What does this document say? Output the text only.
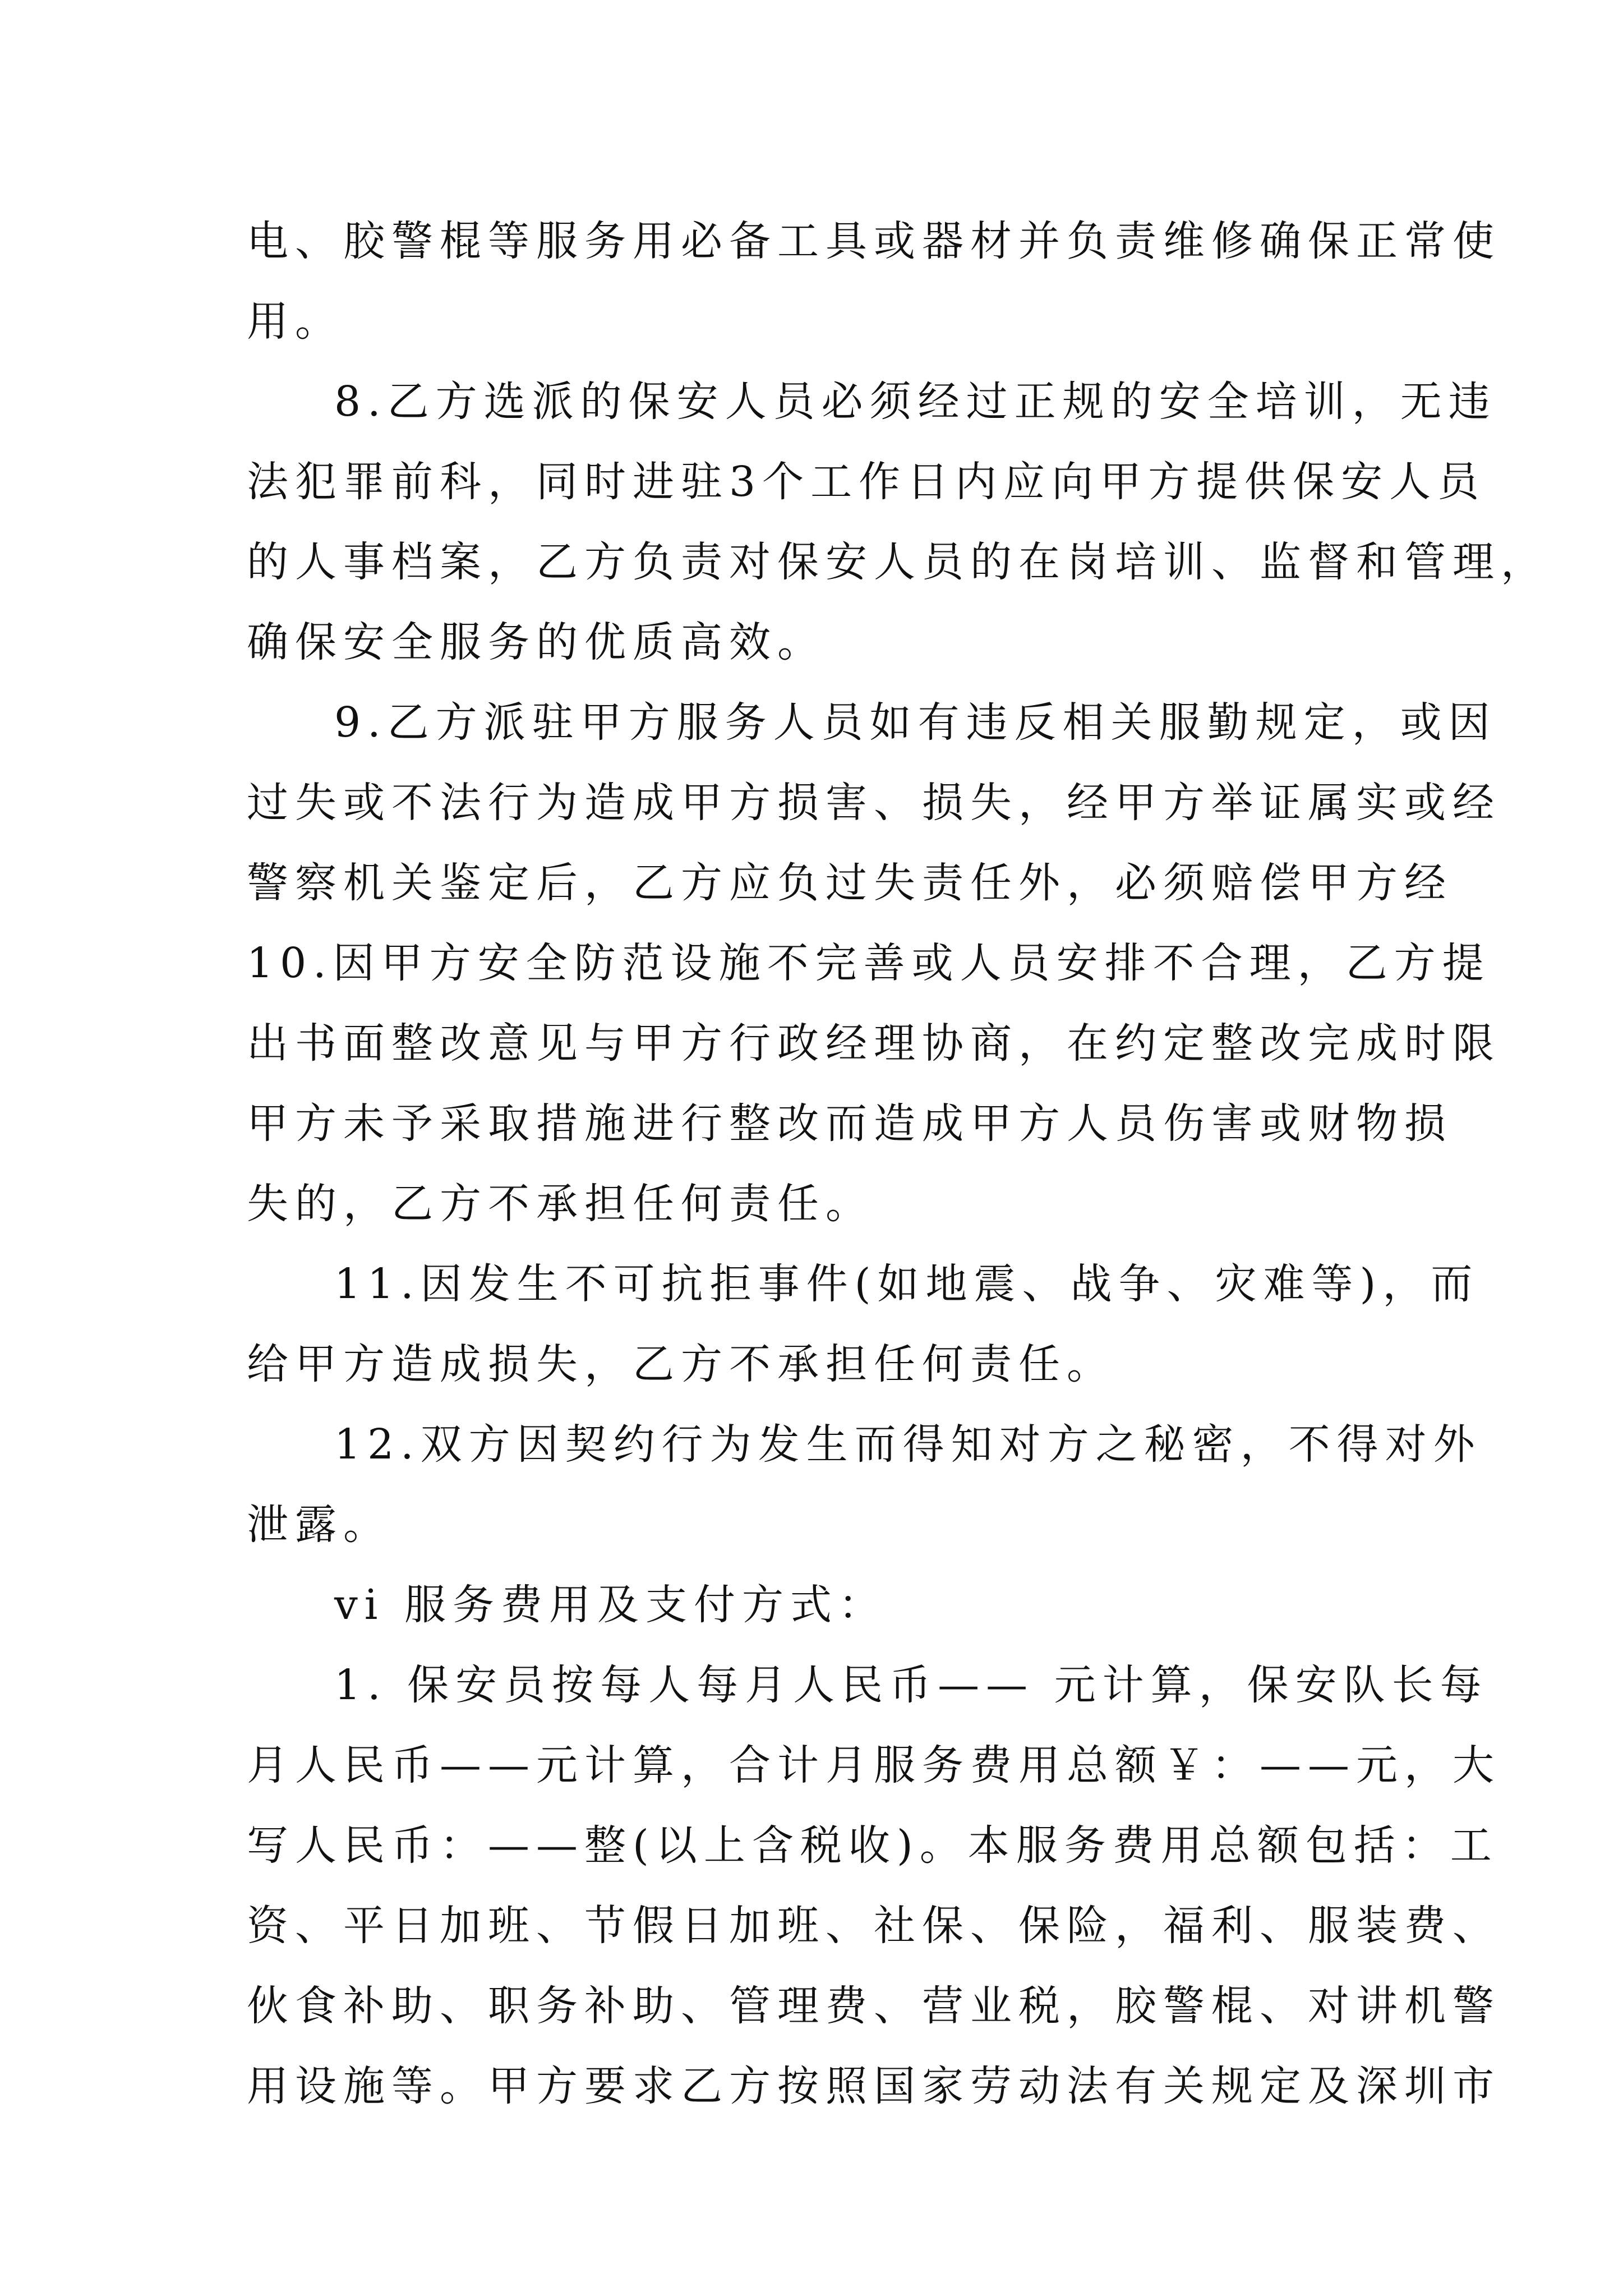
电、胶警棍等服务用必备工具或器材并负责维修确保正常使
用。
8.乙方选派的保安人员必须经过正规的安全培训，无违
法犯罪前科，同时进驻3个工作日内应向甲方提供保安人员
的人事档案，乙方负责对保安人员的在岗培训、监督和管理，
确保安全服务的优质高效。
9.乙方派驻甲方服务人员如有违反相关服勤规定，或因
过失或不法行为造成甲方损害、损失，经甲方举证属实或经
警察机关鉴定后，乙方应负过失责任外，必须赔偿甲方经
10.因甲方安全防范设施不完善或人员安排不合理，乙方提
出书面整改意见与甲方行政经理协商，在约定整改完成时限
甲方未予采取措施进行整改而造成甲方人员伤害或财物损
失的，乙方不承担任何责任。
11.因发生不可抗拒事件(如地震、战争、灾难等)，而
给甲方造成损失，乙方不承担任何责任。
12.双方因契约行为发生而得知对方之秘密，不得对外
泄露。
vi 服务费用及支付方式：
1. 保安员按每人每月人民币—— 元计算，保安队长每
月人民币——元计算，合计月服务费用总额￥：——元，大
写人民币：——整(以上含税收)。本服务费用总额包括：工
资、平日加班、节假日加班、社保、保险，福利、服装费、
伙食补助、职务补助、管理费、营业税，胶警棍、对讲机警
用设施等。甲方要求乙方按照国家劳动法有关规定及深圳市
